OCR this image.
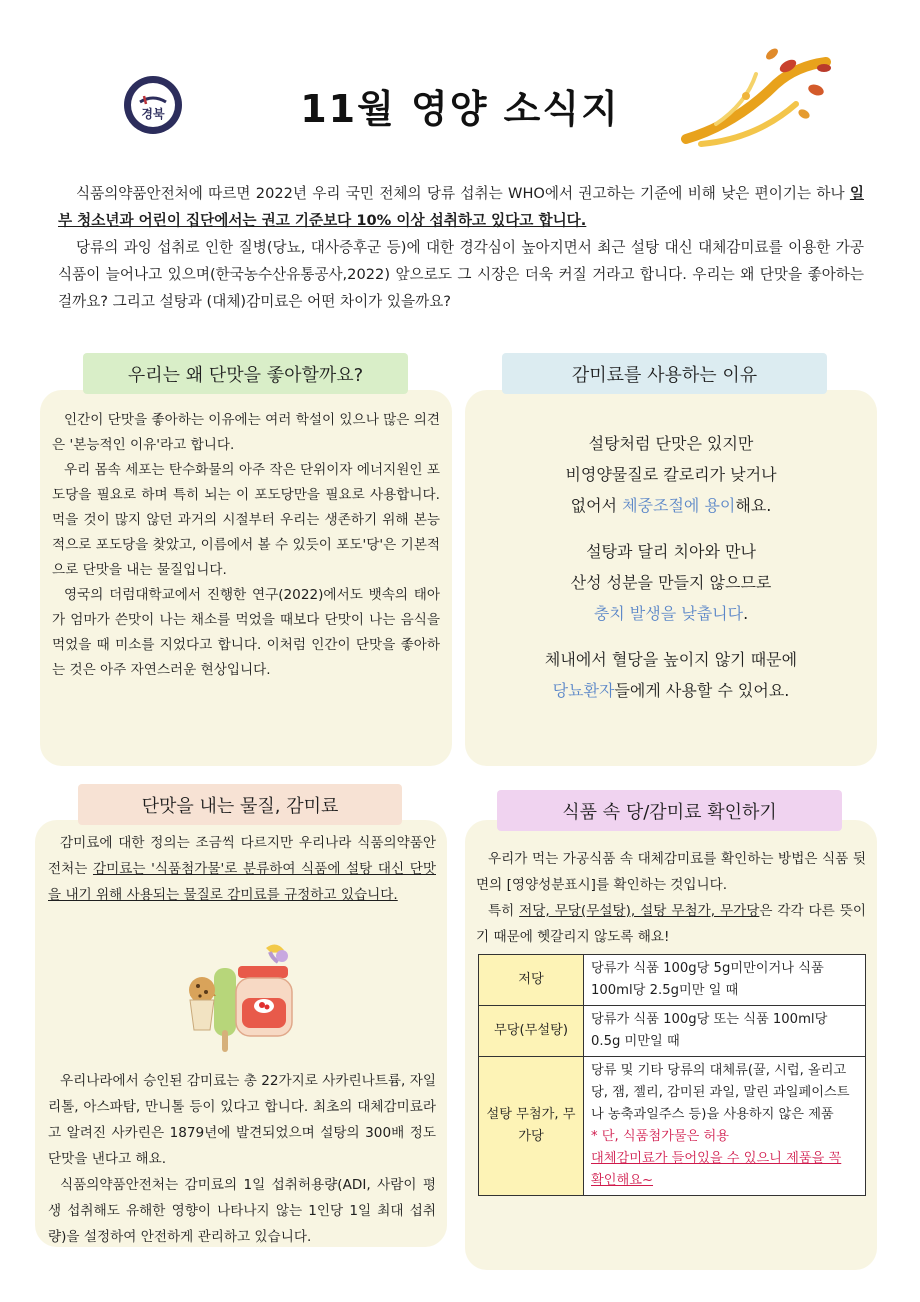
경북	11월 영양 소식지

식품의약품안전처에 따르면 2022년 우리 국민 전체의 당류 섭취는 WHO에서 권고하는 기준에 비해 낮은 편이기는 하나 일부 청소년과 어린이 집단에서는 권고 기준보다 10% 이상 섭취하고 있다고 합니다.

당류의 과잉 섭취로 인한 질병(당뇨, 대사증후군 등)에 대한 경각심이 높아지면서 최근 설탕 대신 대체감미료를 이용한 가공식품이 늘어나고 있으며(한국농수산유통공사,2022) 앞으로도 그 시장은 더욱 커질 거라고 합니다. 우리는 왜 단맛을 좋아하는 걸까요? 그리고 설탕과 (대체)감미료은 어떤 차이가 있을까요?

우리는 왜 단맛을 좋아할까요?

인간이 단맛을 좋아하는 이유에는 여러 학설이 있으나 많은 의견은 '본능적인 이유'라고 합니다.

우리 몸속 세포는 탄수화물의 아주 작은 단위이자 에너지원인 포도당을 필요로 하며 특히 뇌는 이 포도당만을 필요로 사용합니다. 먹을 것이 많지 않던 과거의 시절부터 우리는 생존하기 위해 본능적으로 포도당을 찾았고, 이름에서 볼 수 있듯이 포도'당'은 기본적으로 단맛을 내는 물질입니다.

영국의 더럼대학교에서 진행한 연구(2022)에서도 뱃속의 태아가 엄마가 쓴맛이 나는 채소를 먹었을 때보다 단맛이 나는 음식을 먹었을 때 미소를 지었다고 합니다. 이처럼 인간이 단맛을 좋아하는 것은 아주 자연스러운 현상입니다.

감미료를 사용하는 이유

설탕처럼 단맛은 있지만
비영양물질로 칼로리가 낮거나
없어서 체중조절에 용이해요.

설탕과 달리 치아와 만나
산성 성분을 만들지 않으므로
충치 발생을 낮춥니다.

체내에서 혈당을 높이지 않기 때문에
당뇨환자들에게 사용할 수 있어요.

단맛을 내는 물질, 감미료

감미료에 대한 정의는 조금씩 다르지만 우리나라 식품의약품안전처는 감미료는 '식품첨가물'로 분류하여 식품에 설탕 대신 단맛을 내기 위해 사용되는 물질로 감미료를 규정하고 있습니다.

우리나라에서 승인된 감미료는 총 22가지로 사카린나트륨, 자일리톨, 아스파탐, 만니톨 등이 있다고 합니다. 최초의 대체감미료라고 알려진 사카린은 1879년에 발견되었으며 설탕의 300배 정도 단맛을 낸다고 해요.

식품의약품안전처는 감미료의 1일 섭취허용량(ADI, 사람이 평생 섭취해도 유해한 영향이 나타나지 않는 1인당 1일 최대 섭취량)을 설정하여 안전하게 관리하고 있습니다.

식품 속 당/감미료 확인하기

우리가 먹는 가공식품 속 대체감미료를 확인하는 방법은 식품 뒷면의 [영양성분표시]를 확인하는 것입니다.

특히 저당, 무당(무설탕), 설탕 무첨가, 무가당은 각각 다른 뜻이기 때문에 헷갈리지 않도록 해요!

저당	당류가 식품 100g당 5g미만이거나 식품 100ml당 2.5g미만 일 때
무당(무설탕)	당류가 식품 100g당 또는 식품 100ml당 0.5g 미만일 때
설탕 무첨가, 무가당	당류 및 기타 당류의 대체류(꿀, 시럽, 올리고당, 잼, 젤리, 감미된 과일, 말린 과일페이스트나 농축과일주스 등)을 사용하지 않은 제품
* 단, 식품첨가물은 허용
대체감미료가 들어있을 수 있으니 제품을 꼭 확인해요~
